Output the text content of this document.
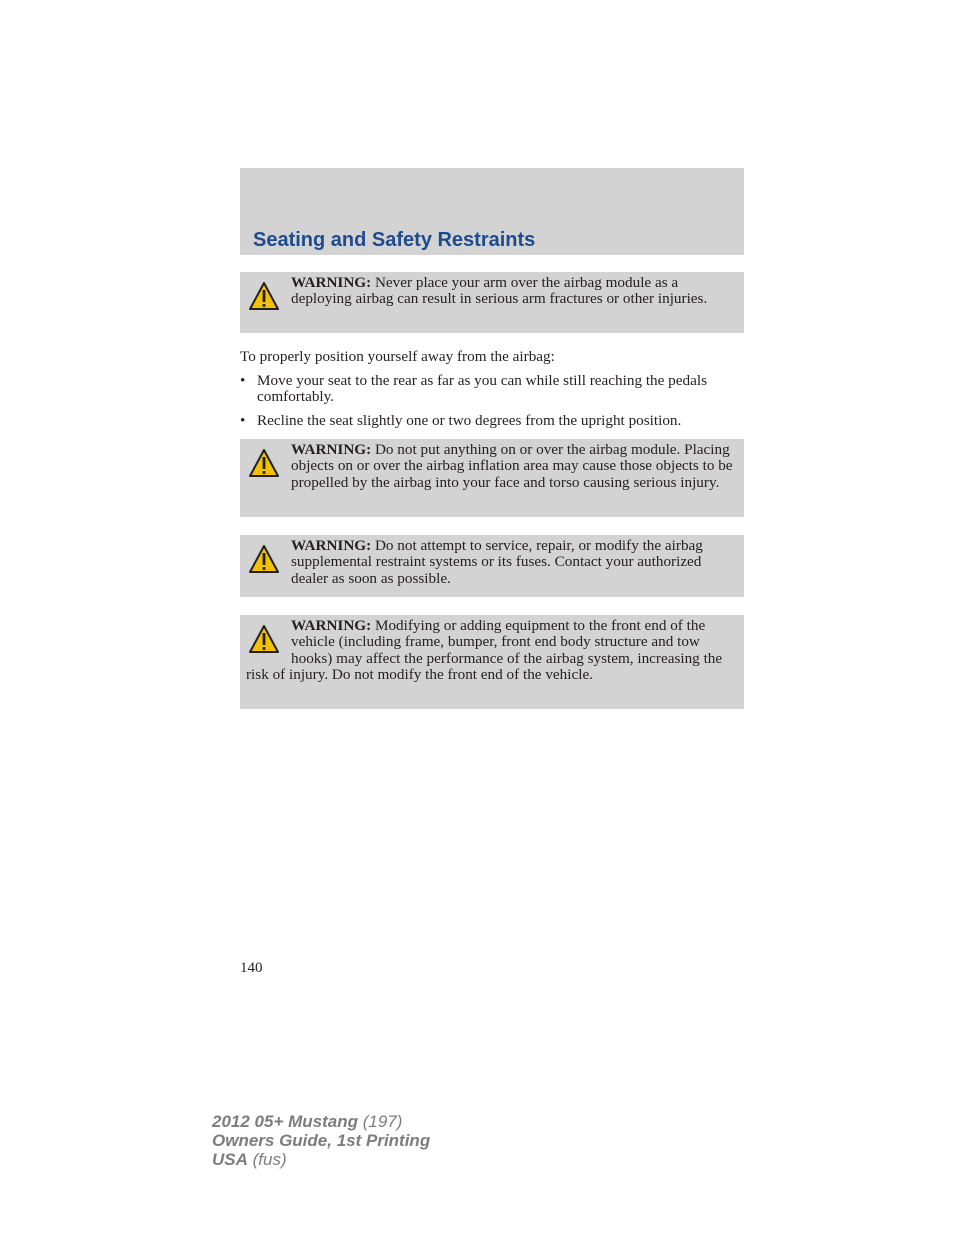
Seating and Safety Restraints
WARNING: Never place your arm over the airbag module as a deploying airbag can result in serious arm fractures or other injuries.
To properly position yourself away from the airbag:
• Move your seat to the rear as far as you can while still reaching the pedals comfortably.
• Recline the seat slightly one or two degrees from the upright position.
WARNING: Do not put anything on or over the airbag module. Placing objects on or over the airbag inflation area may cause those objects to be propelled by the airbag into your face and torso causing serious injury.
WARNING: Do not attempt to service, repair, or modify the airbag supplemental restraint systems or its fuses. Contact your authorized dealer as soon as possible.
WARNING: Modifying or adding equipment to the front end of the vehicle (including frame, bumper, front end body structure and tow hooks) may affect the performance of the airbag system, increasing the risk of injury. Do not modify the front end of the vehicle.
140
2012 05+ Mustang (197)
Owners Guide, 1st Printing
USA (fus)
